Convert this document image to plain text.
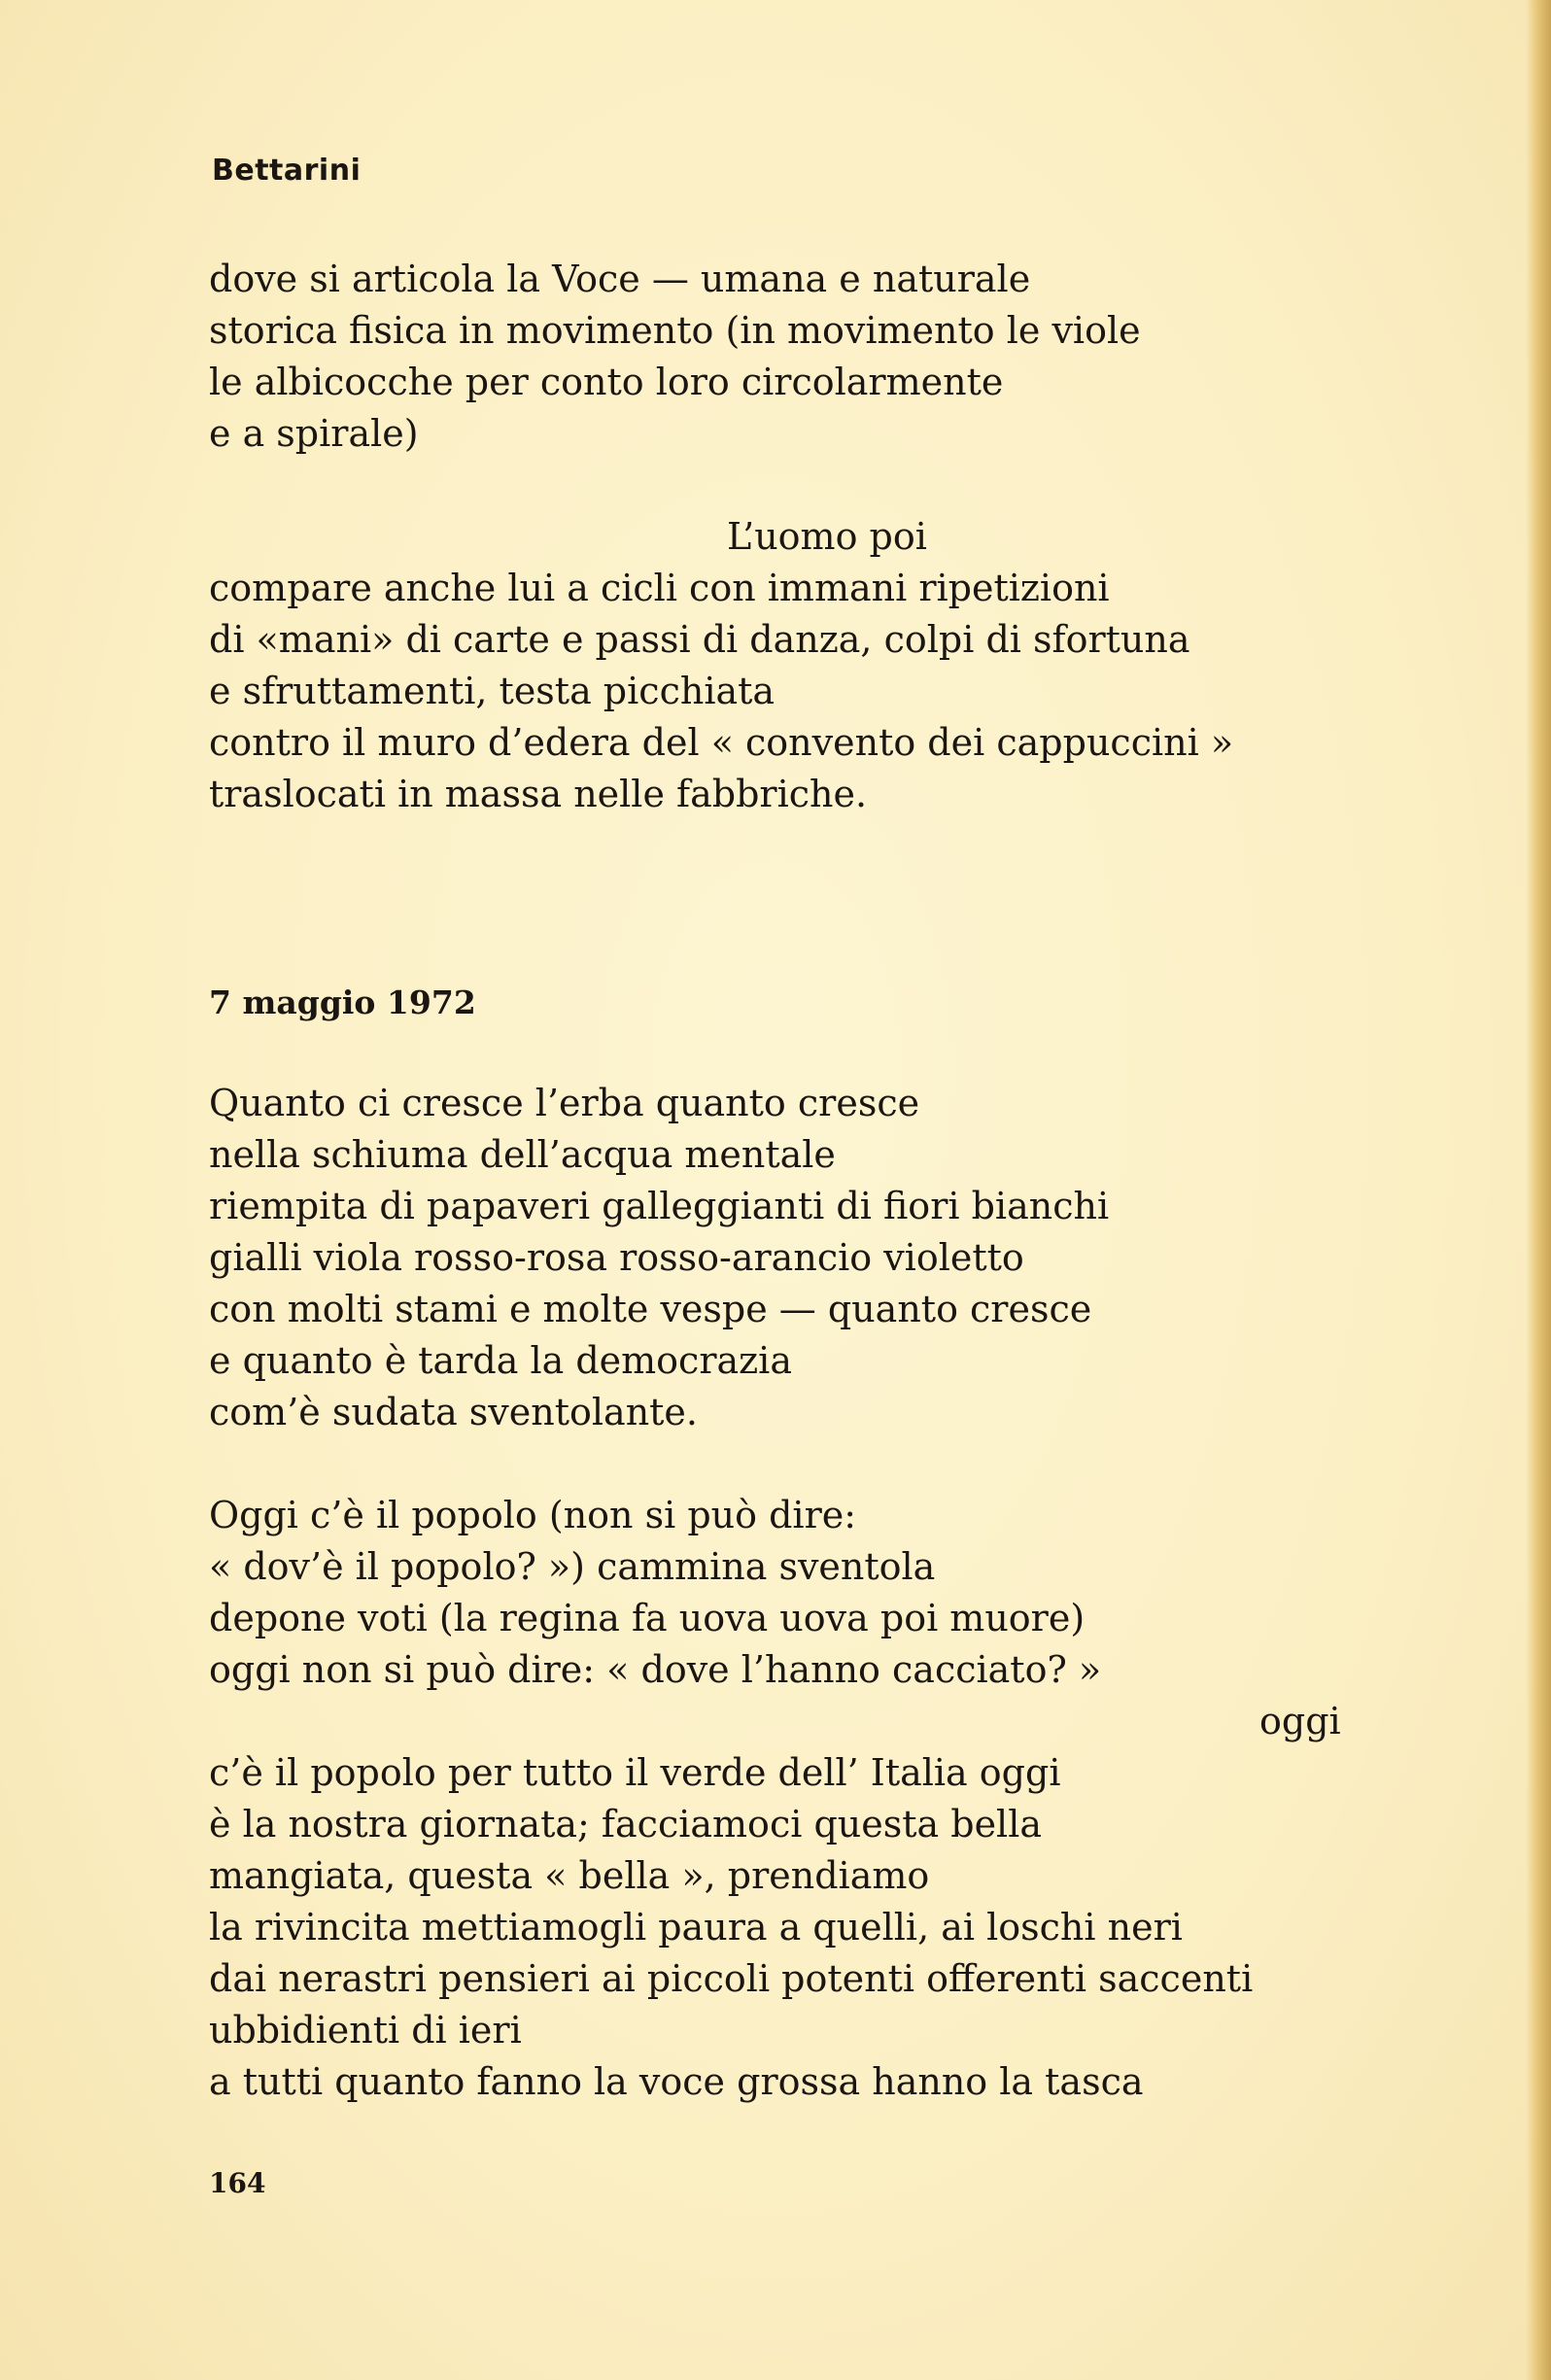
Bettarini
dove si articola la Voce — umana e naturale
storica fisica in movimento (in movimento le viole
le albicocche per conto loro circolarmente
e a spirale)
L’uomo poi
compare anche lui a cicli con immani ripetizioni
di «mani» di carte e passi di danza, colpi di sfortuna
e sfruttamenti, testa picchiata
contro il muro d’edera del « convento dei cappuccini »
traslocati in massa nelle fabbriche.
7 maggio 1972
Quanto ci cresce l’erba quanto cresce
nella schiuma dell’acqua mentale
riempita di papaveri galleggianti di fiori bianchi
gialli viola rosso-rosa rosso-arancio violetto
con molti stami e molte vespe — quanto cresce
e quanto è tarda la democrazia
com’è sudata sventolante.
Oggi c’è il popolo (non si può dire:
« dov’è il popolo? ») cammina sventola
depone voti (la regina fa uova uova poi muore)
oggi non si può dire: « dove l’hanno cacciato? »
oggi
c’è il popolo per tutto il verde dell’ Italia oggi
è la nostra giornata; facciamoci questa bella
mangiata, questa « bella », prendiamo
la rivincita mettiamogli paura a quelli, ai loschi neri
dai nerastri pensieri ai piccoli potenti offerenti saccenti
ubbidienti di ieri
a tutti quanto fanno la voce grossa hanno la tasca
164
